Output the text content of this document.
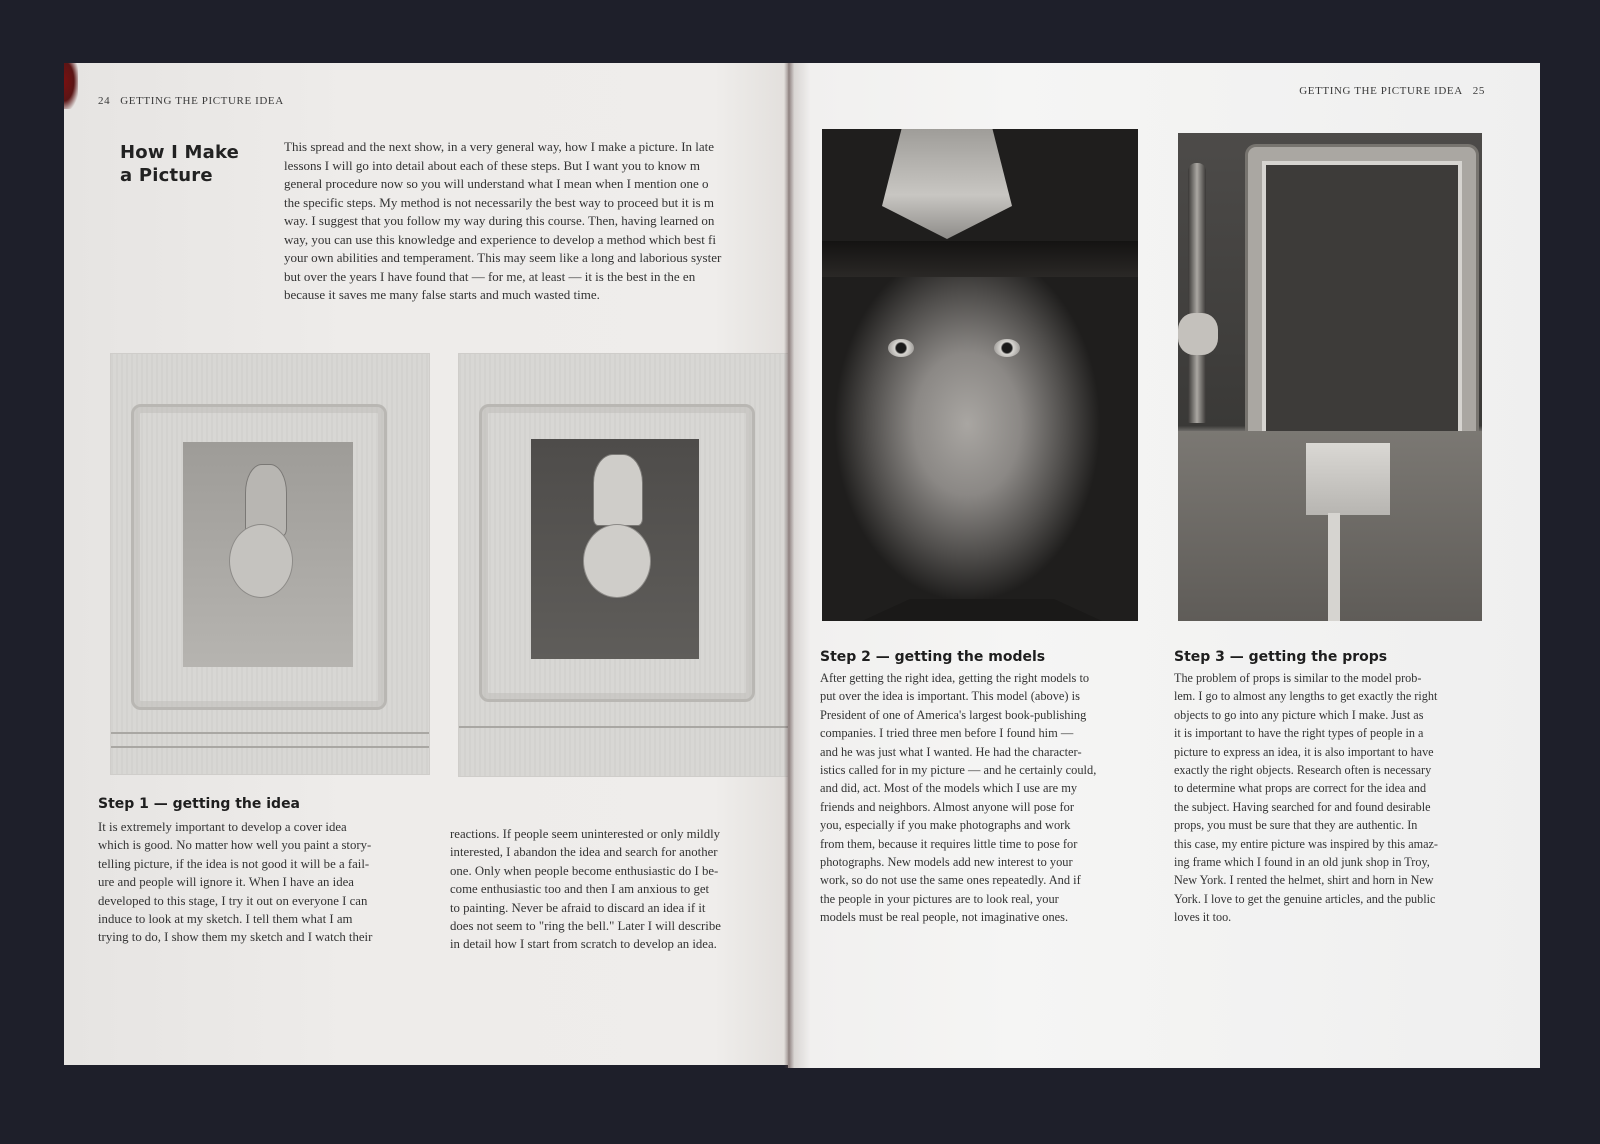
24 GETTING THE PICTURE IDEA
How I Make
a Picture

This spread and the next show, in a very general way, how I make a picture. In late

lessons I will go into detail about each of these steps. But I want you to know m

general procedure now so you will understand what I mean when I mention one o

the specific steps. My method is not necessarily the best way to proceed but it is m

way. I suggest that you follow my way during this course. Then, having learned on

way, you can use this knowledge and experience to develop a method which best fi

your own abilities and temperament. This may seem like a long and laborious syster

but over the years I have found that — for me, at least — it is the best in the en

because it saves me many false starts and much wasted time.

Step 1 — getting the idea

It is extremely important to develop a cover idea

which is good. No matter how well you paint a story-

telling picture, if the idea is not good it will be a fail-

ure and people will ignore it. When I have an idea

developed to this stage, I try it out on everyone I can

induce to look at my sketch. I tell them what I am

trying to do, I show them my sketch and I watch their

reactions. If people seem uninterested or only mildly

interested, I abandon the idea and search for another

one. Only when people become enthusiastic do I be-

come enthusiastic too and then I am anxious to get

to painting. Never be afraid to discard an idea if it

does not seem to "ring the bell." Later I will describe

in detail how I start from scratch to develop an idea.

GETTING THE PICTURE IDEA 25
Step 2 — getting the models

After getting the right idea, getting the right models to

put over the idea is important. This model (above) is

President of one of America's largest book-publishing

companies. I tried three men before I found him —

and he was just what I wanted. He had the character-

istics called for in my picture — and he certainly could,

and did, act. Most of the models which I use are my

friends and neighbors. Almost anyone will pose for

you, especially if you make photographs and work

from them, because it requires little time to pose for

photographs. New models add new interest to your

work, so do not use the same ones repeatedly. And if

the people in your pictures are to look real, your

models must be real people, not imaginative ones.

Step 3 — getting the props

The problem of props is similar to the model prob-

lem. I go to almost any lengths to get exactly the right

objects to go into any picture which I make. Just as

it is important to have the right types of people in a

picture to express an idea, it is also important to have

exactly the right objects. Research often is necessary

to determine what props are correct for the idea and

the subject. Having searched for and found desirable

props, you must be sure that they are authentic. In

this case, my entire picture was inspired by this amaz-

ing frame which I found in an old junk shop in Troy,

New York. I rented the helmet, shirt and horn in New

York. I love to get the genuine articles, and the public

loves it too.
